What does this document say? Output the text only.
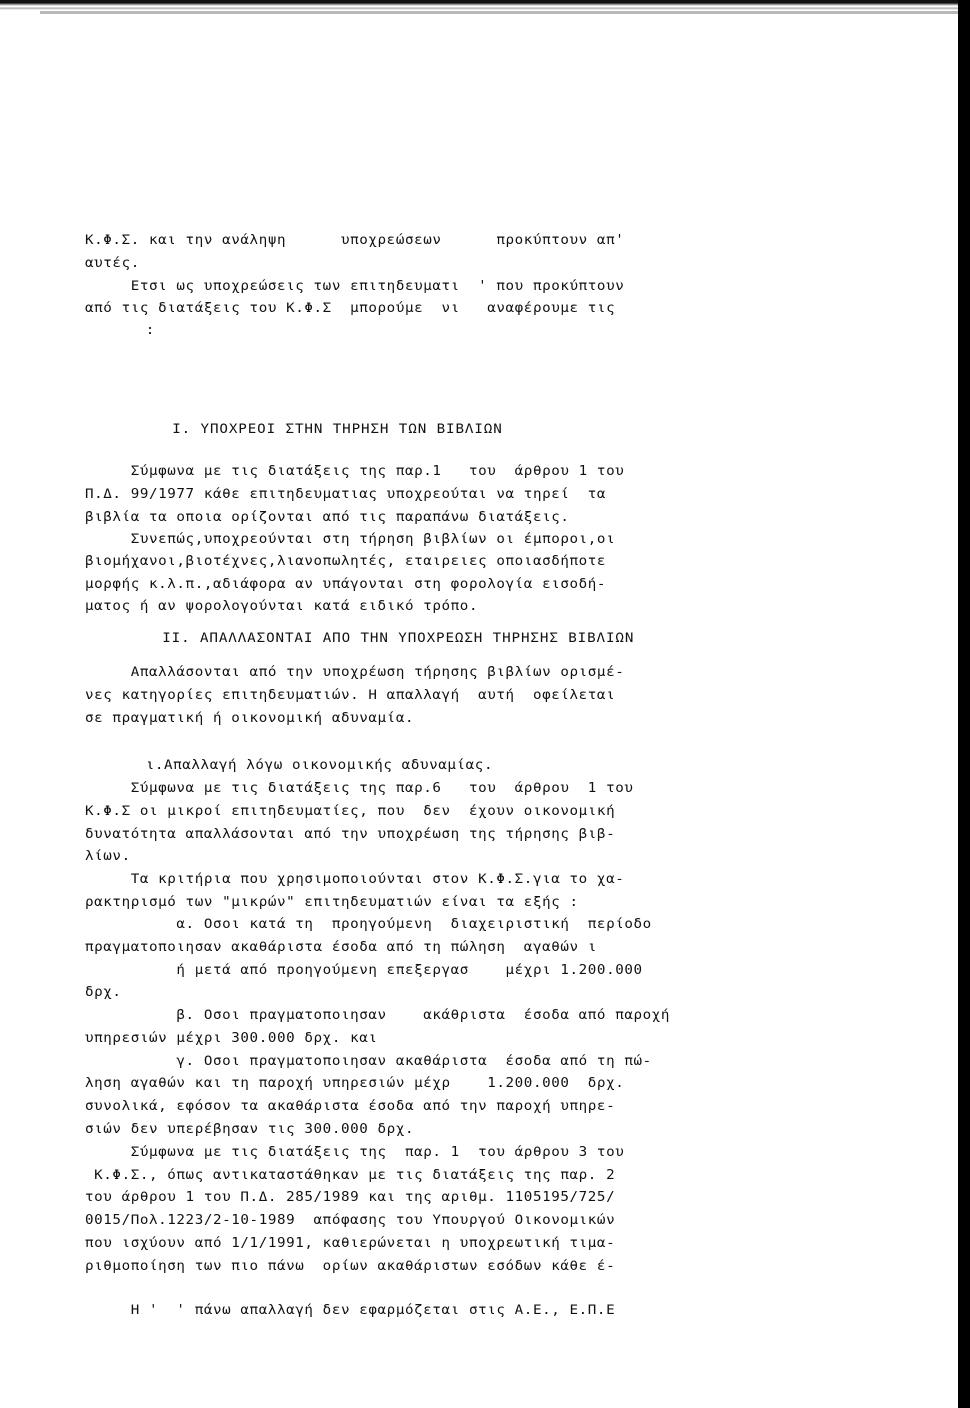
Κ.Φ.Σ. και την ανάληψη      υποχρεώσεων      προκύπτουν απ'
αυτές.
Ετσι ως υποχρεώσεις των επιτηδευματι  ' που προκύπτουν
από τις διατάξεις του Κ.Φ.Σ  μπορούμε  νι   αναφέρουμε τις
:
Ι. ΥΠΟΧΡΕΟΙ ΣΤΗΝ ΤΗΡΗΣΗ ΤΩΝ ΒΙΒΛΙΩΝ
Σύμφωνα με τις διατάξεις της παρ.1   του  άρθρου 1 του
Π.Δ. 99/1977 κάθε επιτηδευματιας υποχρεούται να τηρεί  τα
βιβλία τα οποια ορίζονται από τις παραπάνω διατάξεις.
Συνεπώς,υποχρεούνται στη τήρηση βιβλίων οι έμποροι,οι
βιομήχανοι,βιοτέχνες,λιανοπωλητές, εταιρειες οποιασδήποτε
μορφής κ.λ.π.,αδιάφορα αν υπάγονται στη φορολογία εισοδή-
ματος ή αν ψορολογούνται κατά ειδικό τρόπο.
ΙΙ. ΑΠΑΛΛΑΣΟΝΤΑΙ ΑΠΟ ΤΗΝ ΥΠΟΧΡΕΩΣΗ ΤΗΡΗΣΗΣ ΒΙΒΛΙΩΝ
Απαλλάσονται από την υποχρέωση τήρησης βιβλίων ορισμέ-
νες κατηγορίες επιτηδευματιών. Η απαλλαγή  αυτή  οφείλεται
σε πραγματική ή οικονομική αδυναμία.
ι.Απαλλαγή λόγω οικονομικής αδυναμίας.
Σύμφωνα με τις διατάξεις της παρ.6   του  άρθρου  1 του
Κ.Φ.Σ οι μικροί επιτηδευματίες, που  δεν  έχουν οικονομική
δυνατότητα απαλλάσονται από την υποχρέωση της τήρησης βιβ-
λίων.
Τα κριτήρια που χρησιμοποιούνται στον Κ.Φ.Σ.για το χα-
ρακτηρισμό των "μικρών" επιτηδευματιών είναι τα εξής :
α. Οσοι κατά τη  προηγούμενη  διαχειριστική  περίοδο
πραγματοποιησαν ακαθάριστα έσοδα από τη πώληση  αγαθών ι
ή μετά από προηγούμενη επεξεργασ    μέχρι 1.200.000
δρχ.
β. Οσοι πραγματοποιησαν    ακάθριστα  έσοδα από παροχή
υπηρεσιών μέχρι 300.000 δρχ. και
γ. Οσοι πραγματοποιησαν ακαθάριστα  έσοδα από τη πώ-
ληση αγαθών και τη παροχή υπηρεσιών μέχρ    1.200.000  δρχ.
συνολικά, εφόσον τα ακαθάριστα έσοδα από την παροχή υπηρε-
σιών δεν υπερέβησαν τις 300.000 δρχ.
Σύμφωνα με τις διατάξεις της  παρ. 1  του άρθρου 3 του
Κ.Φ.Σ., όπως αντικαταστάθηκαν με τις διατάξεις της παρ. 2
του άρθρου 1 του Π.Δ. 285/1989 και της αριθμ. 1105195/725/
0015/Πολ.1223/2-10-1989  απόφασης του Υπουργού Οικονομικών
που ισχύουν από 1/1/1991, καθιερώνεται η υποχρεωτική τιμα-
ριθμοποίηση των πιο πάνω  ορίων ακαθάριστων εσόδων κάθε έ-
Η '  ' πάνω απαλλαγή δεν εφαρμόζεται στις Α.Ε., Ε.Π.Ε
